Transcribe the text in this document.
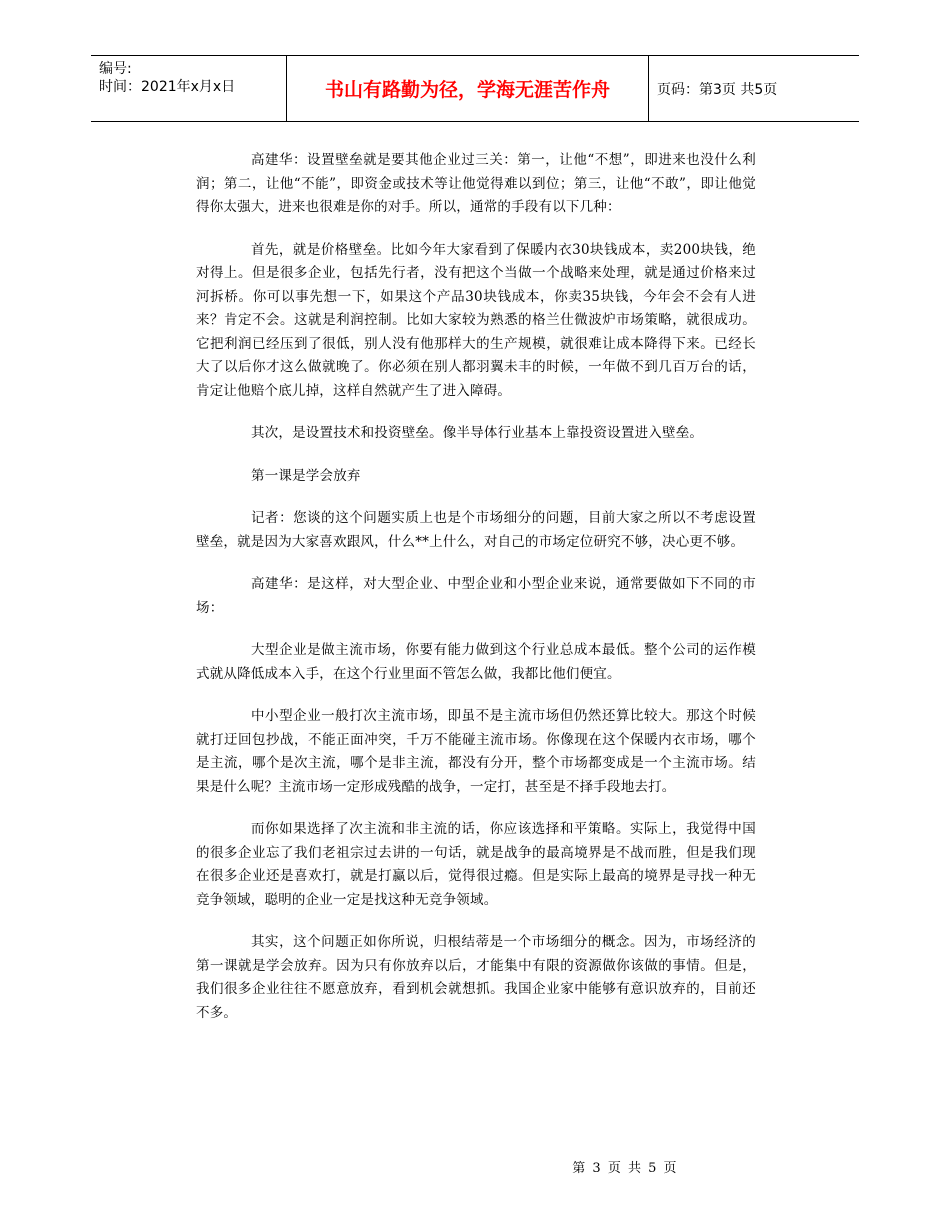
编号:
时间：2021年x月x日	书山有路勤为径，学海无涯苦作舟	页码：第3页 共5页

高建华：设置壁垒就是要其他企业过三关：第一，让他“不想”，即进来也没什么利润；第二，让他“不能”，即资金或技术等让他觉得难以到位；第三，让他“不敢”，即让他觉得你太强大，进来也很难是你的对手。所以，通常的手段有以下几种：

首先，就是价格壁垒。比如今年大家看到了保暖内衣30块钱成本，卖200块钱，绝对得上。但是很多企业，包括先行者，没有把这个当做一个战略来处理，就是通过价格来过河拆桥。你可以事先想一下，如果这个产品30块钱成本，你卖35块钱，今年会不会有人进来？肯定不会。这就是利润控制。比如大家较为熟悉的格兰仕微波炉市场策略，就很成功。它把利润已经压到了很低，别人没有他那样大的生产规模，就很难让成本降得下来。已经长大了以后你才这么做就晚了。你必须在别人都羽翼未丰的时候，一年做不到几百万台的话，肯定让他赔个底儿掉，这样自然就产生了进入障碍。

其次，是设置技术和投资壁垒。像半导体行业基本上靠投资设置进入壁垒。

第一课是学会放弃

记者：您谈的这个问题实质上也是个市场细分的问题，目前大家之所以不考虑设置壁垒，就是因为大家喜欢跟风，什么**上什么，对自己的市场定位研究不够，决心更不够。

高建华：是这样，对大型企业、中型企业和小型企业来说，通常要做如下不同的市场：

大型企业是做主流市场，你要有能力做到这个行业总成本最低。整个公司的运作模式就从降低成本入手，在这个行业里面不管怎么做，我都比他们便宜。

中小型企业一般打次主流市场，即虽不是主流市场但仍然还算比较大。那这个时候就打迂回包抄战，不能正面冲突，千万不能碰主流市场。你像现在这个保暖内衣市场，哪个是主流，哪个是次主流，哪个是非主流，都没有分开，整个市场都变成是一个主流市场。结果是什么呢？主流市场一定形成残酷的战争，一定打，甚至是不择手段地去打。

而你如果选择了次主流和非主流的话，你应该选择和平策略。实际上，我觉得中国的很多企业忘了我们老祖宗过去讲的一句话，就是战争的最高境界是不战而胜，但是我们现在很多企业还是喜欢打，就是打赢以后，觉得很过瘾。但是实际上最高的境界是寻找一种无竞争领域，聪明的企业一定是找这种无竞争领域。

其实，这个问题正如你所说，归根结蒂是一个市场细分的概念。因为，市场经济的第一课就是学会放弃。因为只有你放弃以后，才能集中有限的资源做你该做的事情。但是，我们很多企业往往不愿意放弃，看到机会就想抓。我国企业家中能够有意识放弃的，目前还不多。

第 3 页 共 5 页
